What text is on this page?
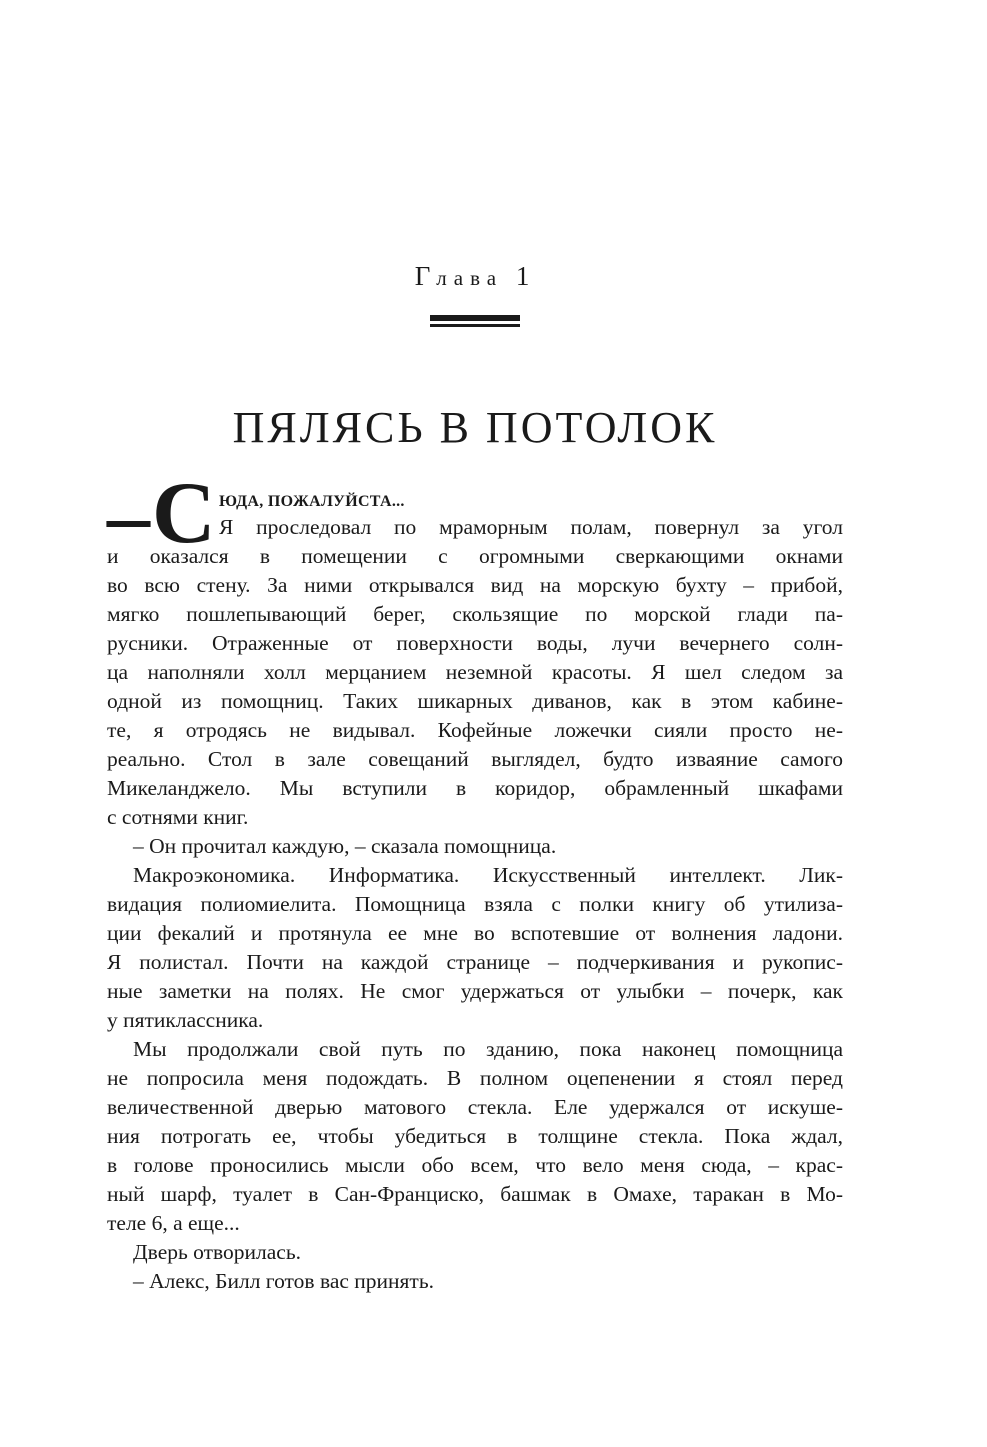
Глава 1
ПЯЛЯСЬ В ПОТОЛОК
– С ЮДА, ПОЖАЛУЙСТА...
Я проследовал по мраморным полам, повернул за угол
и оказался в помещении с огромными сверкающими окнами
во всю стену. За ними открывался вид на морскую бухту – прибой,
мягко пошлепывающий берег, скользящие по морской глади па-
русники. Отраженные от поверхности воды, лучи вечернего солн-
ца наполняли холл мерцанием неземной красоты. Я шел следом за
одной из помощниц. Таких шикарных диванов, как в этом кабине-
те, я отродясь не видывал. Кофейные ложечки сияли просто не-
реально. Стол в зале совещаний выглядел, будто изваяние самого
Микеланджело. Мы вступили в коридор, обрамленный шкафами
с сотнями книг.
– Он прочитал каждую, – сказала помощница.
Макроэкономика. Информатика. Искусственный интеллект. Лик-
видация полиомиелита. Помощница взяла с полки книгу об утилиза-
ции фекалий и протянула ее мне во вспотевшие от волнения ладони.
Я полистал. Почти на каждой странице – подчеркивания и рукопис-
ные заметки на полях. Не смог удержаться от улыбки – почерк, как
у пятиклассника.
Мы продолжали свой путь по зданию, пока наконец помощница
не попросила меня подождать. В полном оцепенении я стоял перед
величественной дверью матового стекла. Еле удержался от искуше-
ния потрогать ее, чтобы убедиться в толщине стекла. Пока ждал,
в голове проносились мысли обо всем, что вело меня сюда, – крас-
ный шарф, туалет в Сан-Франциско, башмак в Омахе, таракан в Мо-
теле 6, а еще...
Дверь отворилась.
– Алекс, Билл готов вас принять.
